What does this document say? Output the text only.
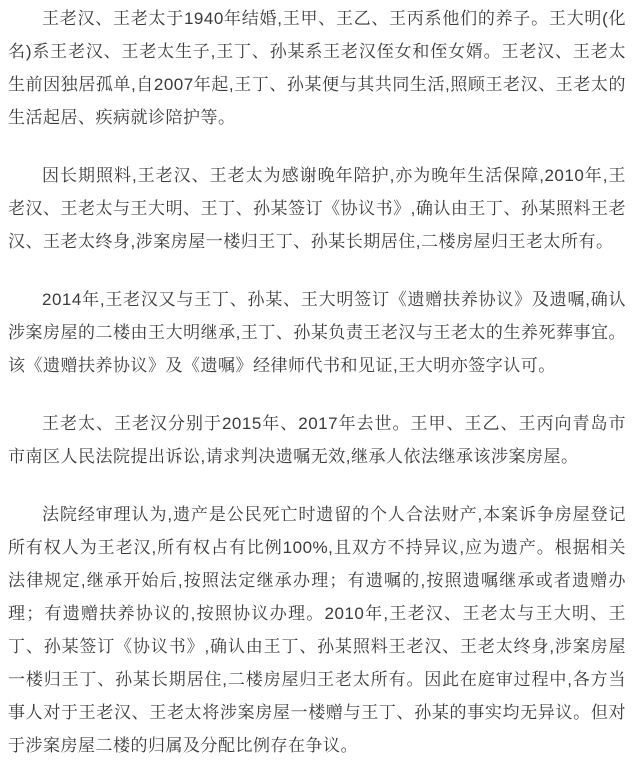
王老汉、王老太于1940年结婚,王甲、王乙、王丙系他们的养子。王大明(化名)系王老汉、王老太生子,王丁、孙某系王老汉侄女和侄女婿。王老汉、王老太生前因独居孤单,自2007年起,王丁、孙某便与其共同生活,照顾王老汉、王老太的生活起居、疾病就诊陪护等。

因长期照料,王老汉、王老太为感谢晚年陪护,亦为晚年生活保障,2010年,王老汉、王老太与王大明、王丁、孙某签订《协议书》,确认由王丁、孙某照料王老汉、王老太终身,涉案房屋一楼归王丁、孙某长期居住,二楼房屋归王老太所有。

2014年,王老汉又与王丁、孙某、王大明签订《遗赠扶养协议》及遗嘱,确认涉案房屋的二楼由王大明继承,王丁、孙某负责王老汉与王老太的生养死葬事宜。该《遗赠扶养协议》及《遗嘱》经律师代书和见证,王大明亦签字认可。

王老太、王老汉分别于2015年、2017年去世。王甲、王乙、王丙向青岛市市南区人民法院提出诉讼,请求判决遗嘱无效,继承人依法继承该涉案房屋。

法院经审理认为,遗产是公民死亡时遗留的个人合法财产,本案诉争房屋登记所有权人为王老汉,所有权占有比例100%,且双方不持异议,应为遗产。根据相关法律规定,继承开始后,按照法定继承办理；有遗嘱的,按照遗嘱继承或者遗赠办理；有遗赠扶养协议的,按照协议办理。2010年,王老汉、王老太与王大明、王丁、孙某签订《协议书》,确认由王丁、孙某照料王老汉、王老太终身,涉案房屋一楼归王丁、孙某长期居住,二楼房屋归王老太所有。因此在庭审过程中,各方当事人对于王老汉、王老太将涉案房屋一楼赠与王丁、孙某的事实均无异议。但对于涉案房屋二楼的归属及分配比例存在争议。
